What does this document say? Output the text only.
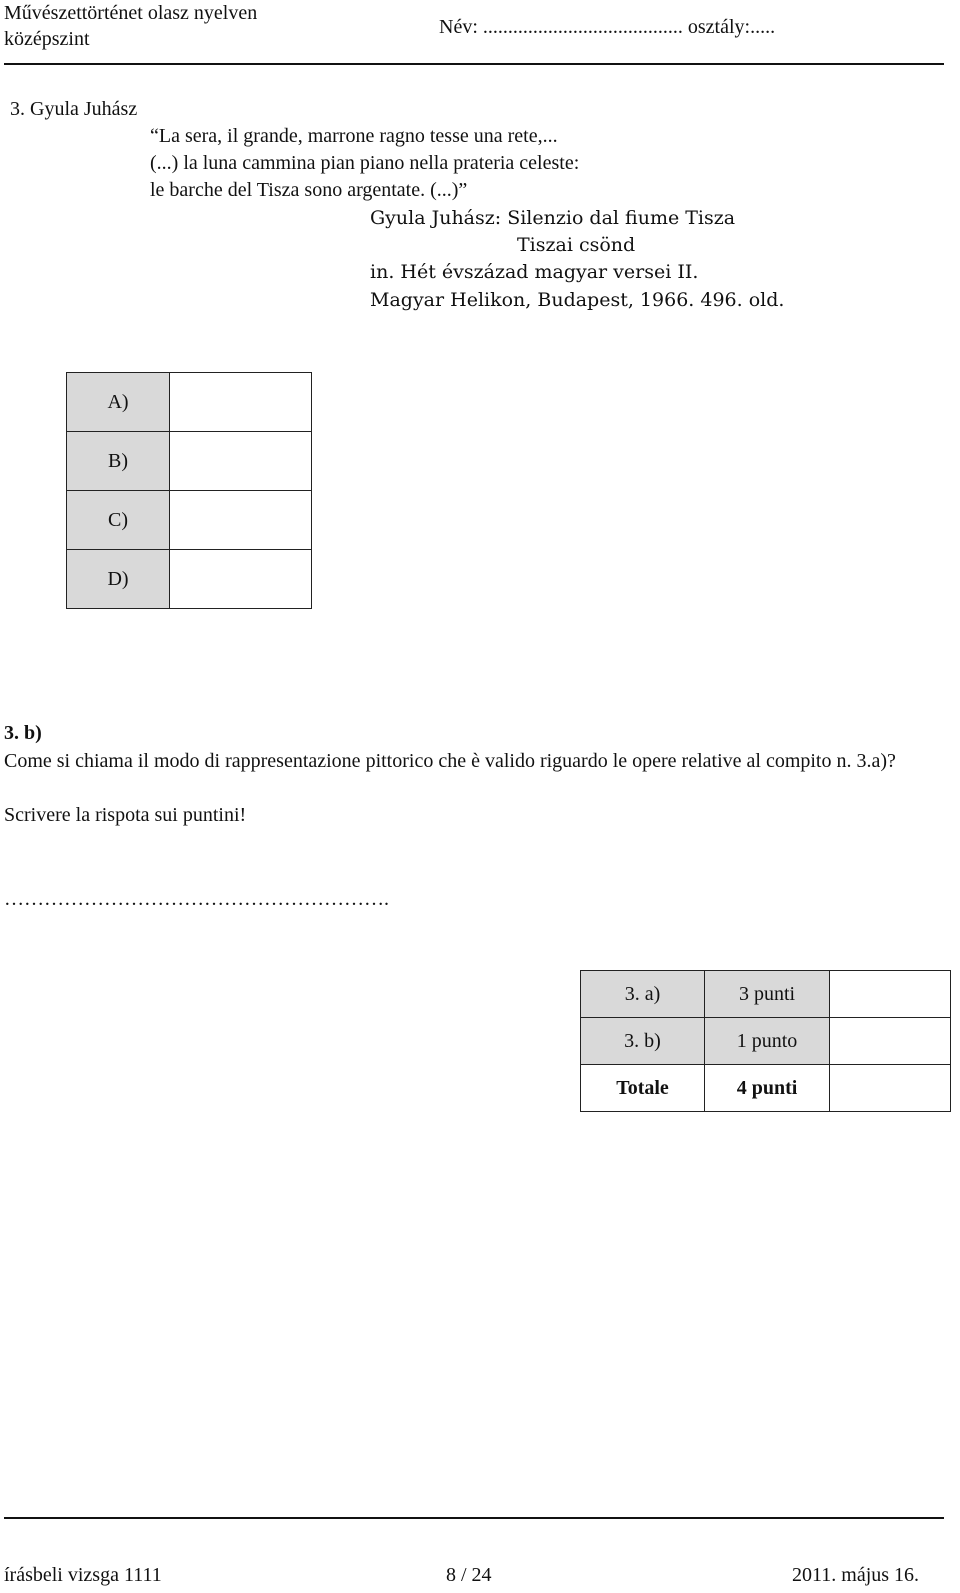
Művészettörténet olasz nyelven
középszint
Név: ........................................ osztály:.....
3. Gyula Juhász
“La sera, il grande, marrone ragno tesse una rete,...
(...) la luna cammina pian piano nella prateria celeste:
le barche del Tisza sono argentate. (...)”
Gyula Juhász: Silenzio dal fiume Tisza
Tiszai csönd
in. Hét évszázad magyar versei II.
Magyar Helikon, Budapest, 1966. 496. old.
A)	
B)	
C)	
D)	
3. b)
Come si chiama il modo di rappresentazione pittorico che è valido riguardo le opere relative al compito n. 3.a)?
Scrivere la rispota sui puntini!
………………………………………………….
3. a)	3 punti	
3. b)	1 punto	
Totale	4 punti	
írásbeli vizsga 1111	8 / 24	2011. május 16.
